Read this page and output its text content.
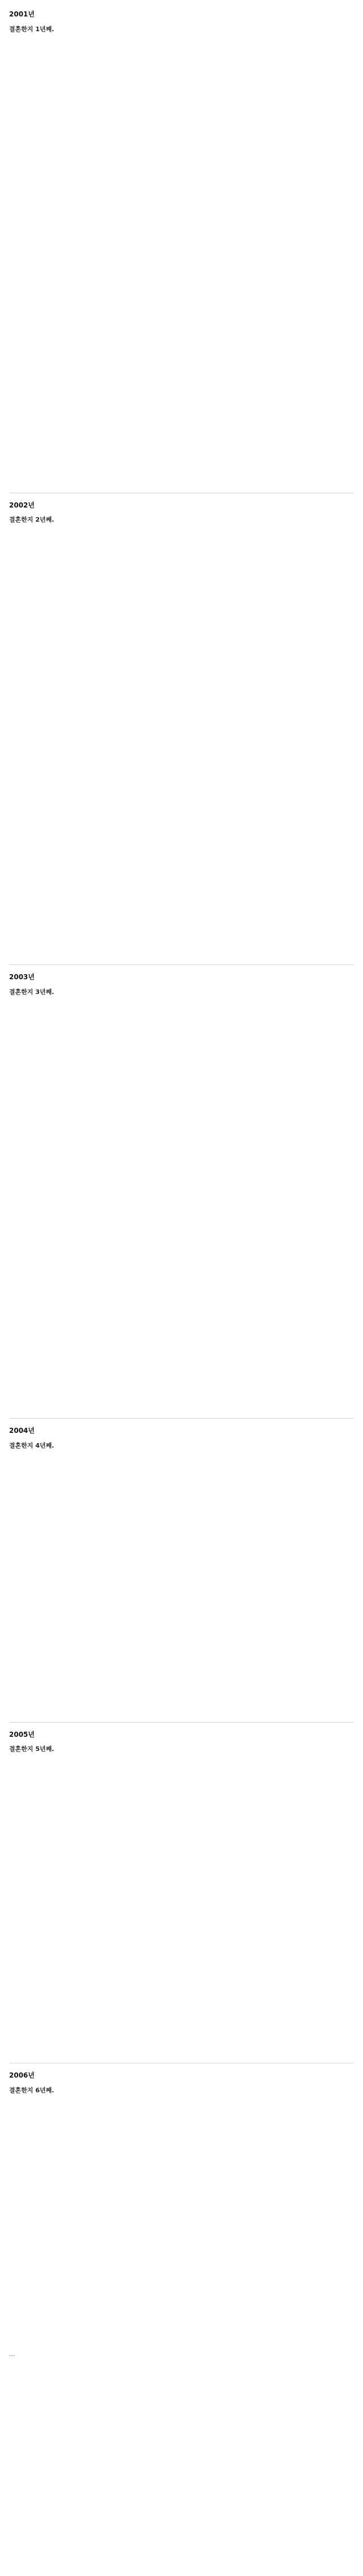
2001년
결혼한지 1년째.

2002년
결혼한지 2년째.

2003년
결혼한지 3년째.

2004년
결혼한지 4년째.

2005년
결혼한지 5년째.

2006년
결혼한지 6년째.

…
